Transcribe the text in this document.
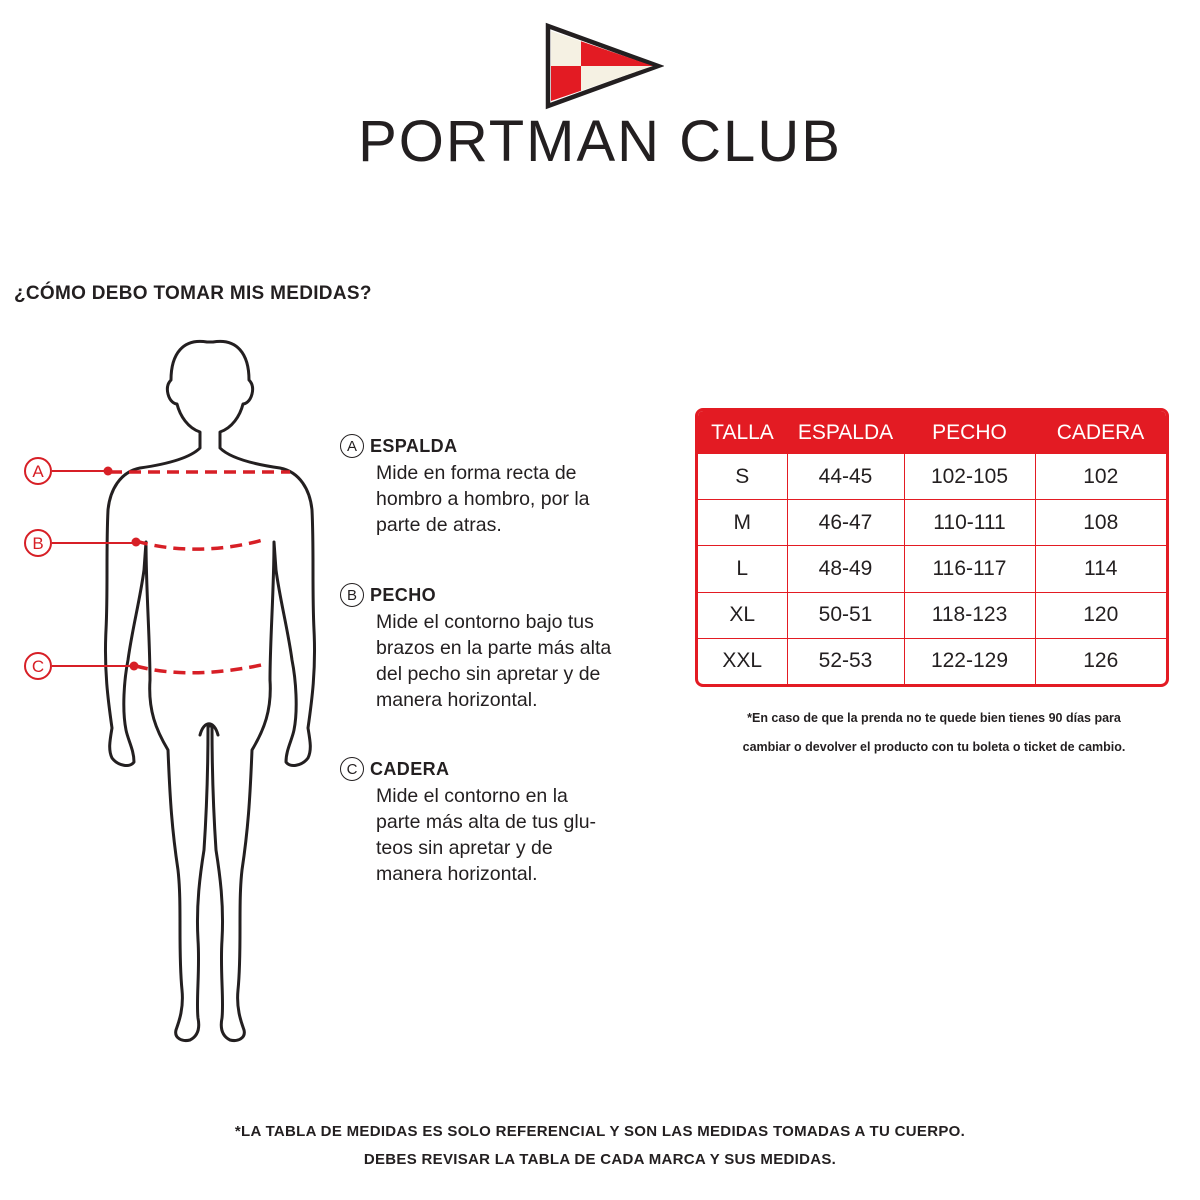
PORTMAN CLUB
¿CÓMO DEBO TOMAR MIS MEDIDAS?
A
B
C
A ESPALDA
Mide en forma recta de
hombro a hombro, por la
parte de atras.
B PECHO
Mide el contorno bajo tus
brazos en la parte más alta
del pecho sin apretar y de
manera horizontal.
C CADERA
Mide el contorno en la
parte más alta de tus glu-
teos sin apretar y de
manera horizontal.
TALLA	ESPALDA	PECHO	CADERA
S	44-45	102-105	102
M	46-47	110-111	108
L	48-49	116-117	114
XL	50-51	118-123	120
XXL	52-53	122-129	126
*En caso de que la prenda no te quede bien tienes 90 días para
cambiar o devolver el producto con tu boleta o ticket de cambio.
*LA TABLA DE MEDIDAS ES SOLO REFERENCIAL Y SON LAS MEDIDAS TOMADAS A TU CUERPO.
DEBES REVISAR LA TABLA DE CADA MARCA Y SUS MEDIDAS.
